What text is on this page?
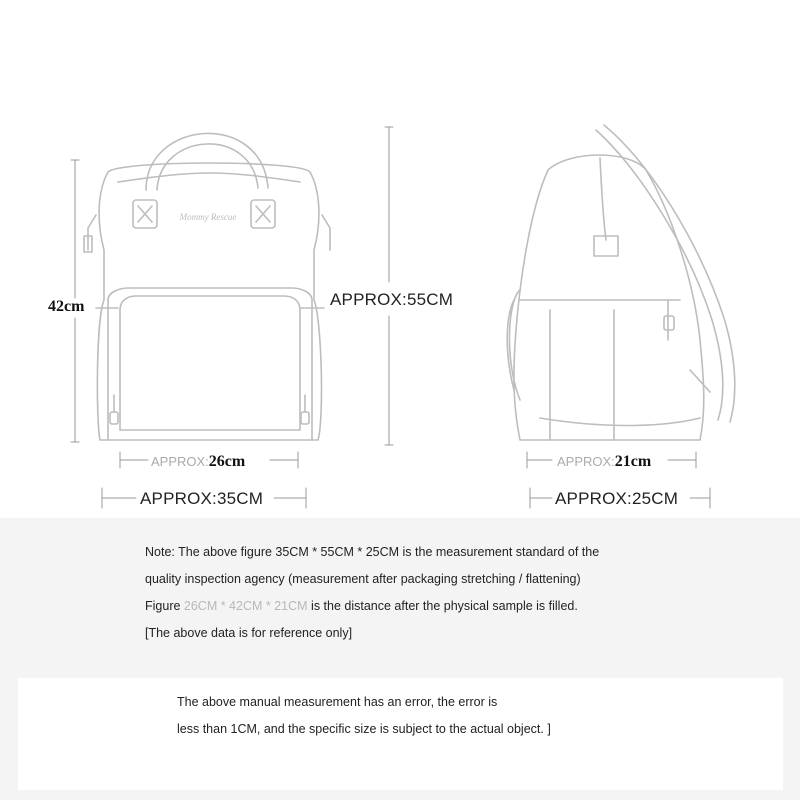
Mommy Rescue
42cm	APPROX:55CM
APPROX:26cm
APPROX:35CM
APPROX:21cm
APPROX:25CM
Note: The above figure 35CM * 55CM * 25CM is the measurement standard of the
quality inspection agency (measurement after packaging stretching / flattening)
Figure 26CM * 42CM * 21CM is the distance after the physical sample is filled.
[The above data is for reference only]
The above manual measurement has an error, the error is
less than 1CM, and the specific size is subject to the actual object. ]
